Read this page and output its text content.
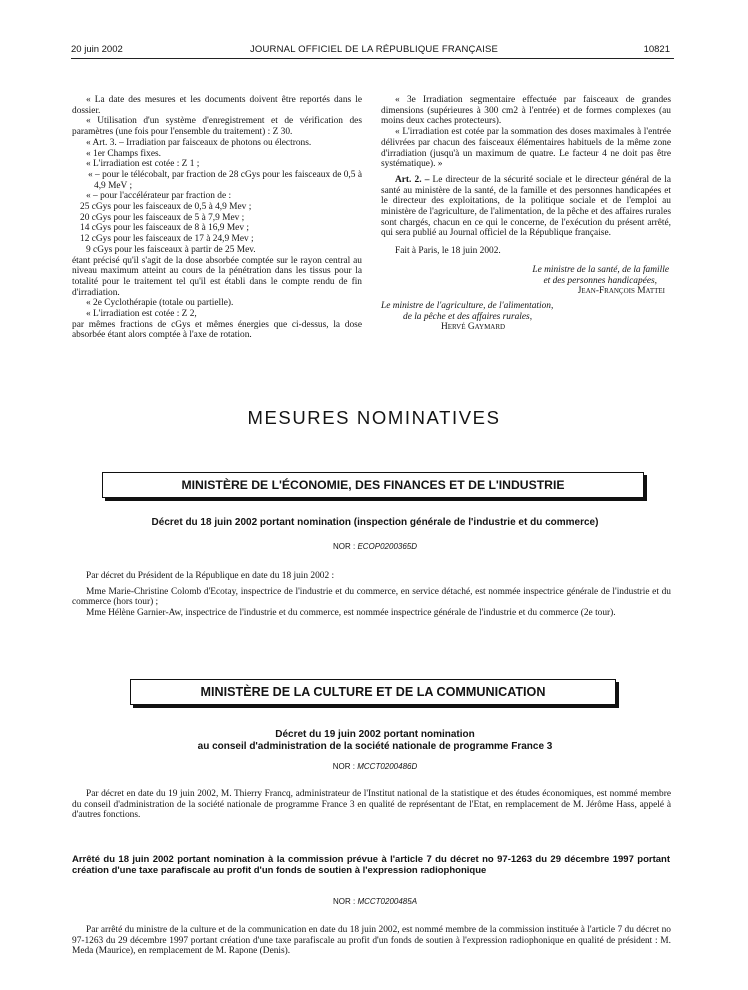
20 juin 2002	JOURNAL OFFICIEL DE LA RÉPUBLIQUE FRANÇAISE	10821

« La date des mesures et les documents doivent être reportés dans le dossier.

« Utilisation d'un système d'enregistrement et de vérification des paramètres (une fois pour l'ensemble du traitement) : Z 30.

« Art. 3. – Irradiation par faisceaux de photons ou électrons.

« 1er Champs fixes.

« L'irradiation est cotée : Z 1 ;

« – pour le télécobalt, par fraction de 28 cGys pour les faisceaux de 0,5 à 4,9 MeV ;

« – pour l'accélérateur par fraction de :

25 cGys pour les faisceaux de 0,5 à 4,9 Mev ;

20 cGys pour les faisceaux de 5 à 7,9 Mev ;

14 cGys pour les faisceaux de 8 à 16,9 Mev ;

12 cGys pour les faisceaux de 17 à 24,9 Mev ;

9 cGys pour les faisceaux à partir de 25 Mev.

étant précisé qu'il s'agit de la dose absorbée comptée sur le rayon central au niveau maximum atteint au cours de la pénétration dans les tissus pour la totalité pour le traitement tel qu'il est établi dans le compte rendu de fin d'irradiation.

« 2e Cyclothérapie (totale ou partielle).

« L'irradiation est cotée : Z 2,

par mêmes fractions de cGys et mêmes énergies que ci-dessus, la dose absorbée étant alors comptée à l'axe de rotation.

« 3e Irradiation segmentaire effectuée par faisceaux de grandes dimensions (supérieures à 300 cm2 à l'entrée) et de formes complexes (au moins deux caches protecteurs).

« L'irradiation est cotée par la sommation des doses maximales à l'entrée délivrées par chacun des faisceaux élémentaires habituels de la même zone d'irradiation (jusqu'à un maximum de quatre. Le facteur 4 ne doit pas être systématique). »

Art. 2. – Le directeur de la sécurité sociale et le directeur général de la santé au ministère de la santé, de la famille et des personnes handicapées et le directeur des exploitations, de la politique sociale et de l'emploi au ministère de l'agriculture, de l'alimentation, de la pêche et des affaires rurales sont chargés, chacun en ce qui le concerne, de l'exécution du présent arrêté, qui sera publié au Journal officiel de la République française.

Fait à Paris, le 18 juin 2002.

Le ministre de la santé, de la famille

et des personnes handicapées,

Jean-François Mattei

Le ministre de l'agriculture, de l'alimentation,

de la pêche et des affaires rurales,

Hervé Gaymard

MESURES NOMINATIVES
MINISTÈRE DE L'ÉCONOMIE, DES FINANCES ET DE L'INDUSTRIE
Décret du 18 juin 2002 portant nomination (inspection générale de l'industrie et du commerce)
NOR : ECOP0200365D

Par décret du Président de la République en date du 18 juin 2002 :

Mme Marie-Christine Colomb d'Ecotay, inspectrice de l'industrie et du commerce, en service détaché, est nommée inspectrice générale de l'industrie et du commerce (hors tour) ;

Mme Hélène Garnier-Aw, inspectrice de l'industrie et du commerce, est nommée inspectrice générale de l'industrie et du commerce (2e tour).

MINISTÈRE DE LA CULTURE ET DE LA COMMUNICATION
Décret du 19 juin 2002 portant nomination
au conseil d'administration de la société nationale de programme France 3
NOR : MCCT0200486D

Par décret en date du 19 juin 2002, M. Thierry Francq, administrateur de l'Institut national de la statistique et des études économiques, est nommé membre du conseil d'administration de la société nationale de programme France 3 en qualité de représentant de l'Etat, en remplacement de M. Jérôme Hass, appelé à d'autres fonctions.

Arrêté du 18 juin 2002 portant nomination à la commission prévue à l'article 7 du décret no 97-1263 du 29 décembre 1997 portant création d'une taxe parafiscale au profit d'un fonds de soutien à l'expression radiophonique
NOR : MCCT0200485A

Par arrêté du ministre de la culture et de la communication en date du 18 juin 2002, est nommé membre de la commission instituée à l'article 7 du décret no 97-1263 du 29 décembre 1997 portant création d'une taxe parafiscale au profit d'un fonds de soutien à l'expression radiophonique en qualité de président : M. Meda (Maurice), en remplacement de M. Rapone (Denis).
